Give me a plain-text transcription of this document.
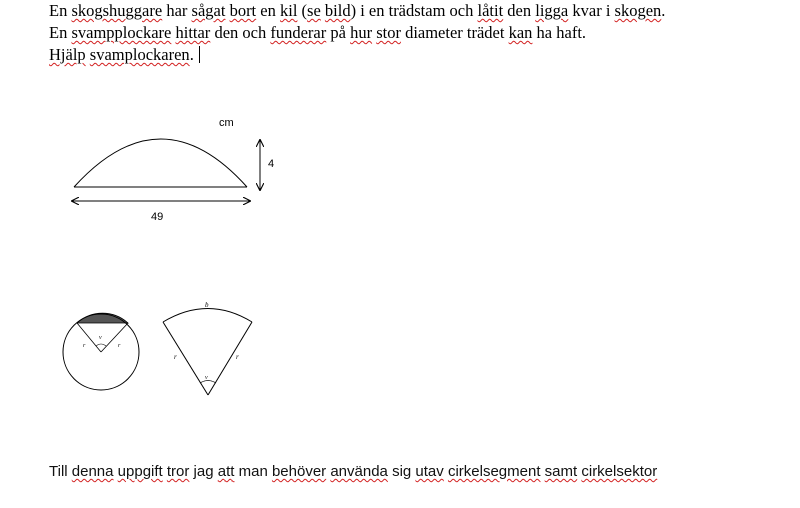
En skogshuggare har sågat bort en kil (se bild) i en trädstam och låtit den ligga kvar i skogen.
En svampplockare hittar den och funderar på hur stor diameter trädet kan ha haft.
Hjälp svamplockaren.
cm
4
49
r	r
v
b
r	r
v
Till denna uppgift tror jag att man behöver använda sig utav cirkelsegment samt cirkelsektor
